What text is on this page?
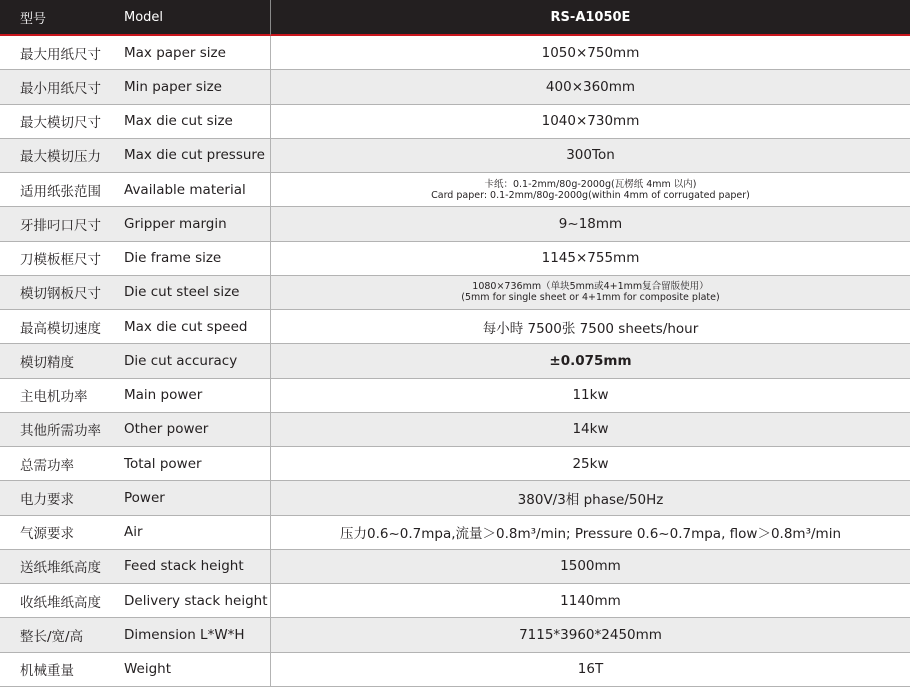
型号	Model	RS-A1050E
最大用纸尺寸	Max paper size	1050×750mm
最小用纸尺寸	Min paper size	400×360mm
最大模切尺寸	Max die cut size	1040×730mm
最大模切压力	Max die cut pressure	300Ton
适用纸张范围	Available material	卡纸：0.1-2mm/80g-2000g(瓦楞纸 4mm 以内)
Card paper: 0.1-2mm/80g-2000g(within 4mm of corrugated paper)
牙排叼口尺寸	Gripper margin	9~18mm
刀模板框尺寸	Die frame size	1145×755mm
模切钢板尺寸	Die cut steel size	1080×736mm（单块5mm或4+1mm复合留版使用）
(5mm for single sheet or 4+1mm for composite plate)
最高模切速度	Max die cut speed	每小時 7500张 7500 sheets/hour
模切精度	Die cut accuracy	±0.075mm
主电机功率	Main power	11kw
其他所需功率	Other power	14kw
总需功率	Total power	25kw
电力要求	Power	380V/3相 phase/50Hz
气源要求	Air	压力0.6~0.7mpa,流量＞0.8m³/min; Pressure 0.6~0.7mpa, flow＞0.8m³/min
送纸堆纸高度	Feed stack height	1500mm
收纸堆纸高度	Delivery stack height	1140mm
整长/宽/高	Dimension L*W*H	7115*3960*2450mm
机械重量	Weight	16T
